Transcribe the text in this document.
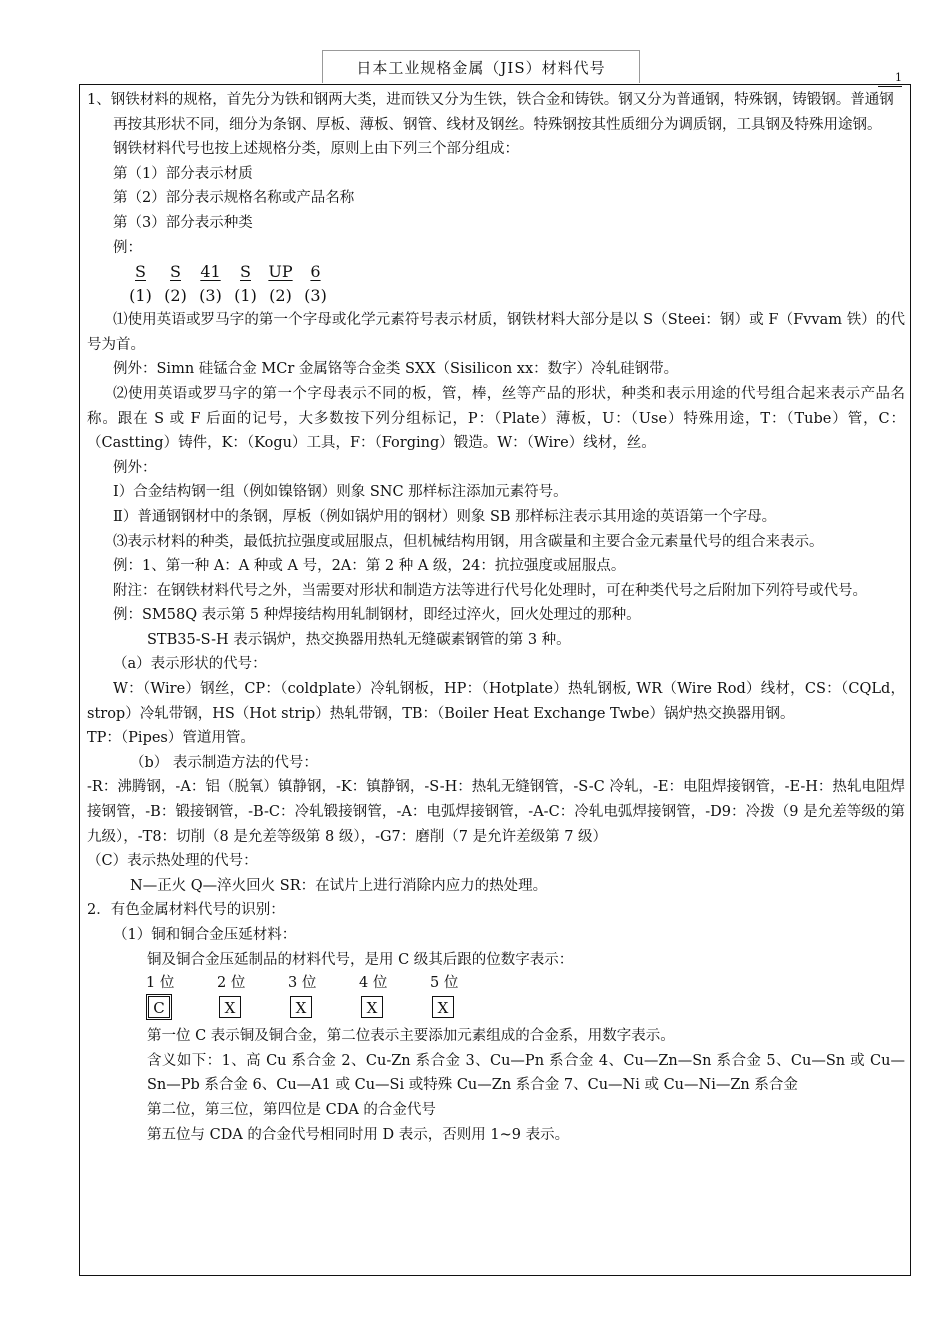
日本工业规格金属（JIS）材料代号
1

1、钢铁材料的规格，首先分为铁和钢两大类，进而铁又分为生铁，铁合金和铸铁。钢又分为普通钢，特殊钢，铸锻钢。普通钢再按其形状不同，细分为条钢、厚板、薄板、钢管、线材及钢丝。特殊钢按其性质细分为调质钢，工具钢及特殊用途钢。

钢铁材料代号也按上述规格分类，原则上由下列三个部分组成：

第（1）部分表示材质

第（2）部分表示规格名称或产品名称

第（3）部分表示种类

例：

S	S	41	S	UP	6
(1) (2) (3) (1) (2) (3)

⑴使用英语或罗马字的第一个字母或化学元素符号表示材质，钢铁材料大部分是以 S（Steei：钢）或 F（Fvvam 铁）的代号为首。

例外：Simn 硅锰合金 MCr 金属铬等合金类 SXX（Sisilicon xx：数字）冷轧硅钢带。

⑵使用英语或罗马字的第一个字母表示不同的板，管，棒，丝等产品的形状，种类和表示用途的代号组合起来表示产品名称。跟在 S 或 F 后面的记号，大多数按下列分组标记，P：（Plate）薄板，U：（Use）特殊用途，T：（Tube）管，C：（Castting）铸件，K：（Kogu）工具，F：（Forging）锻造。W：（Wire）线材，丝。

例外：

Ⅰ）合金结构钢一组（例如镍铬钢）则象 SNC 那样标注添加元素符号。

Ⅱ）普通钢钢材中的条钢，厚板（例如锅炉用的钢材）则象 SB 那样标注表示其用途的英语第一个字母。

⑶表示材料的种类，最低抗拉强度或屈服点，但机械结构用钢，用含碳量和主要合金元素量代号的组合来表示。

例：1、第一种 A：A 种或 A 号，2A：第 2 种 A 级，24：抗拉强度或屈服点。

附注：在钢铁材料代号之外，当需要对形状和制造方法等进行代号化处理时，可在种类代号之后附加下列符号或代号。

例：SM58Q 表示第 5 种焊接结构用轧制钢材，即经过淬火，回火处理过的那种。

STB35-S-H 表示锅炉，热交换器用热轧无缝碳素钢管的第 3 种。

（a）表示形状的代号：

W：（Wire）钢丝，CP：（coldplate）冷轧钢板，HP：（Hotplate）热轧钢板, WR（Wire Rod）线材，CS：（CQLd，strop）冷轧带钢，HS（Hot strip）热轧带钢，TB：（Boiler Heat Exchange Twbe）锅炉热交换器用钢。

TP：（Pipes）管道用管。

（b） 表示制造方法的代号：

-R：沸腾钢，-A：铝（脱氧）镇静钢，-K：镇静钢，-S-H：热轧无缝钢管，-S-C 冷轧，-E：电阻焊接钢管，-E-H：热轧电阻焊接钢管，-B：锻接钢管，-B-C：冷轧锻接钢管，-A：电弧焊接钢管，-A-C：冷轧电弧焊接钢管，-D9：冷拨（9 是允差等级的第九级），-T8：切削（8 是允差等级第 8 级），-G7：磨削（7 是允许差级第 7 级）

（C）表示热处理的代号：

N—正火 Q—淬火回火 SR：在试片上进行消除内应力的热处理。

2．有色金属材料代号的识别：

（1）铜和铜合金压延材料：

铜及铜合金压延制品的材料代号，是用 C 级其后跟的位数字表示：

1 位	2 位	3 位	4 位	5 位
C	X	X	X	X

第一位 C 表示铜及铜合金，第二位表示主要添加元素组成的合金系，用数字表示。

含义如下：1、高 Cu 系合金 2、Cu-Zn 系合金 3、Cu—Pn 系合金 4、Cu—Zn—Sn 系合金 5、Cu—Sn 或 Cu—Sn—Pb 系合金 6、Cu—A1 或 Cu—Si 或特殊 Cu—Zn 系合金 7、Cu—Ni 或 Cu—Ni—Zn 系合金

第二位，第三位，第四位是 CDA 的合金代号

第五位与 CDA 的合金代号相同时用 D 表示，否则用 1~9 表示。
